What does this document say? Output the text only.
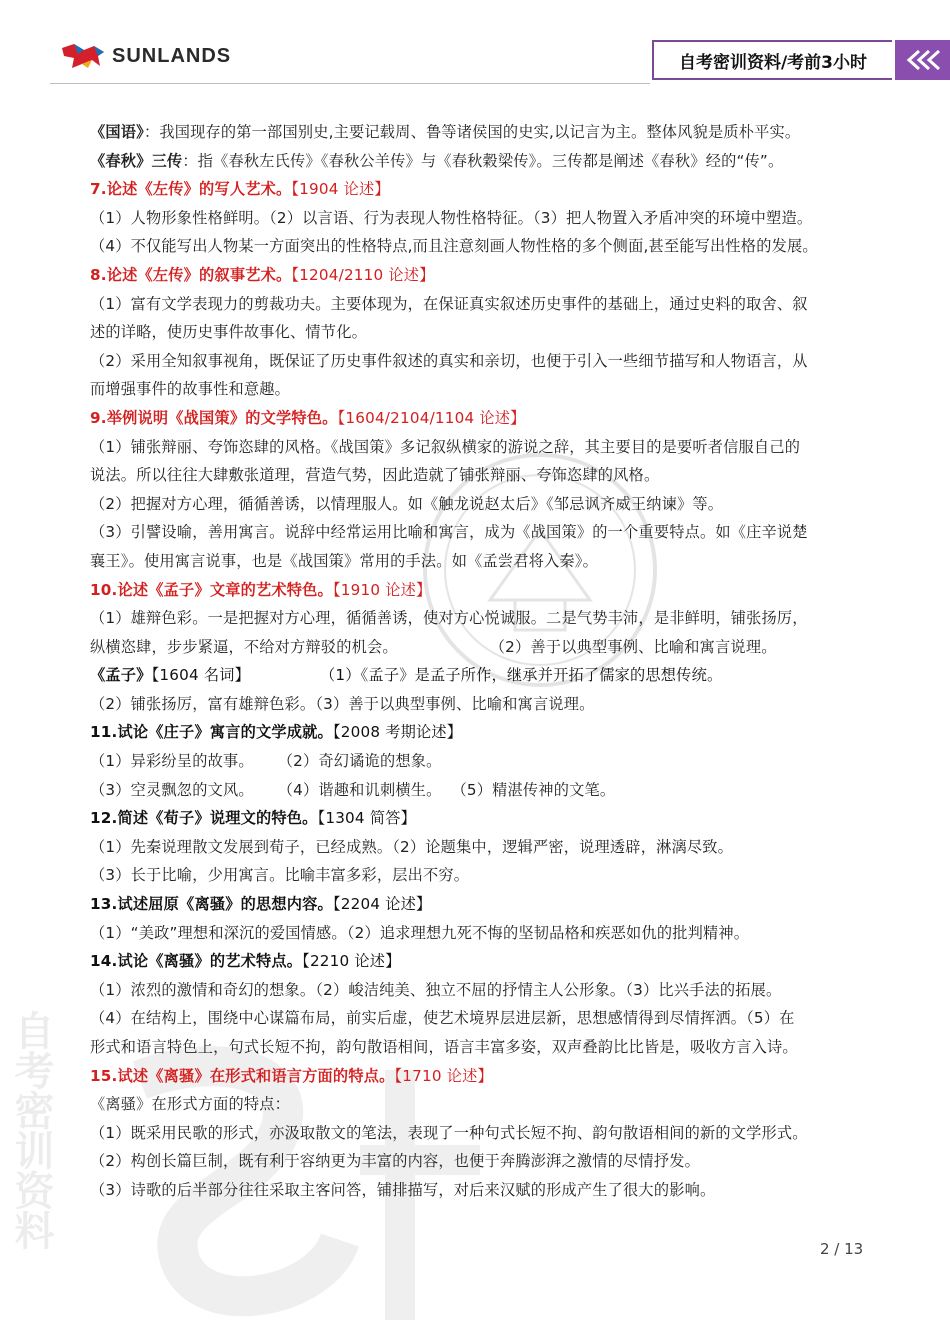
SUNLANDS	自考密训资料/考前3小时
自考密训资料

《国语》：我国现存的第一部国别史,主要记载周、鲁等诸侯国的史实,以记言为主。整体风貌是质朴平实。

《春秋》三传：指《春秋左氏传》《春秋公羊传》与《春秋穀梁传》。三传都是阐述《春秋》经的“传”。

7.论述《左传》的写人艺术。【1904 论述】

（1）人物形象性格鲜明。（2）以言语、行为表现人物性格特征。（3）把人物置入矛盾冲突的环境中塑造。

（4）不仅能写出人物某一方面突出的性格特点,而且注意刻画人物性格的多个侧面,甚至能写出性格的发展。

8.论述《左传》的叙事艺术。【1204/2110 论述】

（1）富有文学表现力的剪裁功夫。主要体现为，在保证真实叙述历史事件的基础上，通过史料的取舍、叙

述的详略，使历史事件故事化、情节化。

（2）采用全知叙事视角，既保证了历史事件叙述的真实和亲切，也便于引入一些细节描写和人物语言，从

而增强事件的故事性和意趣。

9.举例说明《战国策》的文学特色。【1604/2104/1104 论述】

（1）铺张辩丽、夸饰恣肆的风格。《战国策》多记叙纵横家的游说之辞，其主要目的是要听者信服自己的

说法。所以往往大肆敷张道理，营造气势，因此造就了铺张辩丽、夸饰恣肆的风格。

（2）把握对方心理，循循善诱，以情理服人。如《触龙说赵太后》《邹忌讽齐威王纳谏》等。

（3）引譬设喻，善用寓言。说辞中经常运用比喻和寓言，成为《战国策》的一个重要特点。如《庄辛说楚

襄王》。使用寓言说事，也是《战国策》常用的手法。如《孟尝君将入秦》。

10.论述《孟子》文章的艺术特色。【1910 论述】

（1）雄辩色彩。一是把握对方心理，循循善诱，使对方心悦诚服。二是气势丰沛，是非鲜明，铺张扬厉，

纵横恣肆，步步紧逼，不给对方辩驳的机会。	（2）善于以典型事例、比喻和寓言说理。

《孟子》【1604 名词】	（1）《孟子》是孟子所作，继承并开拓了儒家的思想传统。

（2）铺张扬厉，富有雄辩色彩。（3）善于以典型事例、比喻和寓言说理。

11.试论《庄子》寓言的文学成就。【2008 考期论述】

（1）异彩纷呈的故事。 （2）奇幻谲诡的想象。

（3）空灵飘忽的文风。 （4）谐趣和讥刺横生。 （5）精湛传神的文笔。

12.简述《荀子》说理文的特色。【1304 简答】

（1）先秦说理散文发展到荀子，已经成熟。（2）论题集中，逻辑严密，说理透辟，淋漓尽致。

（3）长于比喻，少用寓言。比喻丰富多彩，层出不穷。

13.试述屈原《离骚》的思想内容。【2204 论述】

（1）“美政”理想和深沉的爱国情感。（2）追求理想九死不悔的坚韧品格和疾恶如仇的批判精神。

14.试论《离骚》的艺术特点。【2210 论述】

（1）浓烈的激情和奇幻的想象。（2）峻洁纯美、独立不屈的抒情主人公形象。（3）比兴手法的拓展。

（4）在结构上，围绕中心谋篇布局，前实后虚，使艺术境界层进层新，思想感情得到尽情挥洒。（5）在

形式和语言特色上，句式长短不拘，韵句散语相间，语言丰富多姿，双声叠韵比比皆是，吸收方言入诗。

15.试述《离骚》在形式和语言方面的特点。【1710 论述】

《离骚》在形式方面的特点：

（1）既采用民歌的形式，亦汲取散文的笔法，表现了一种句式长短不拘、韵句散语相间的新的文学形式。

（2）构创长篇巨制，既有利于容纳更为丰富的内容，也便于奔腾澎湃之激情的尽情抒发。

（3）诗歌的后半部分往往采取主客问答，铺排描写，对后来汉赋的形成产生了很大的影响。

2 / 13
